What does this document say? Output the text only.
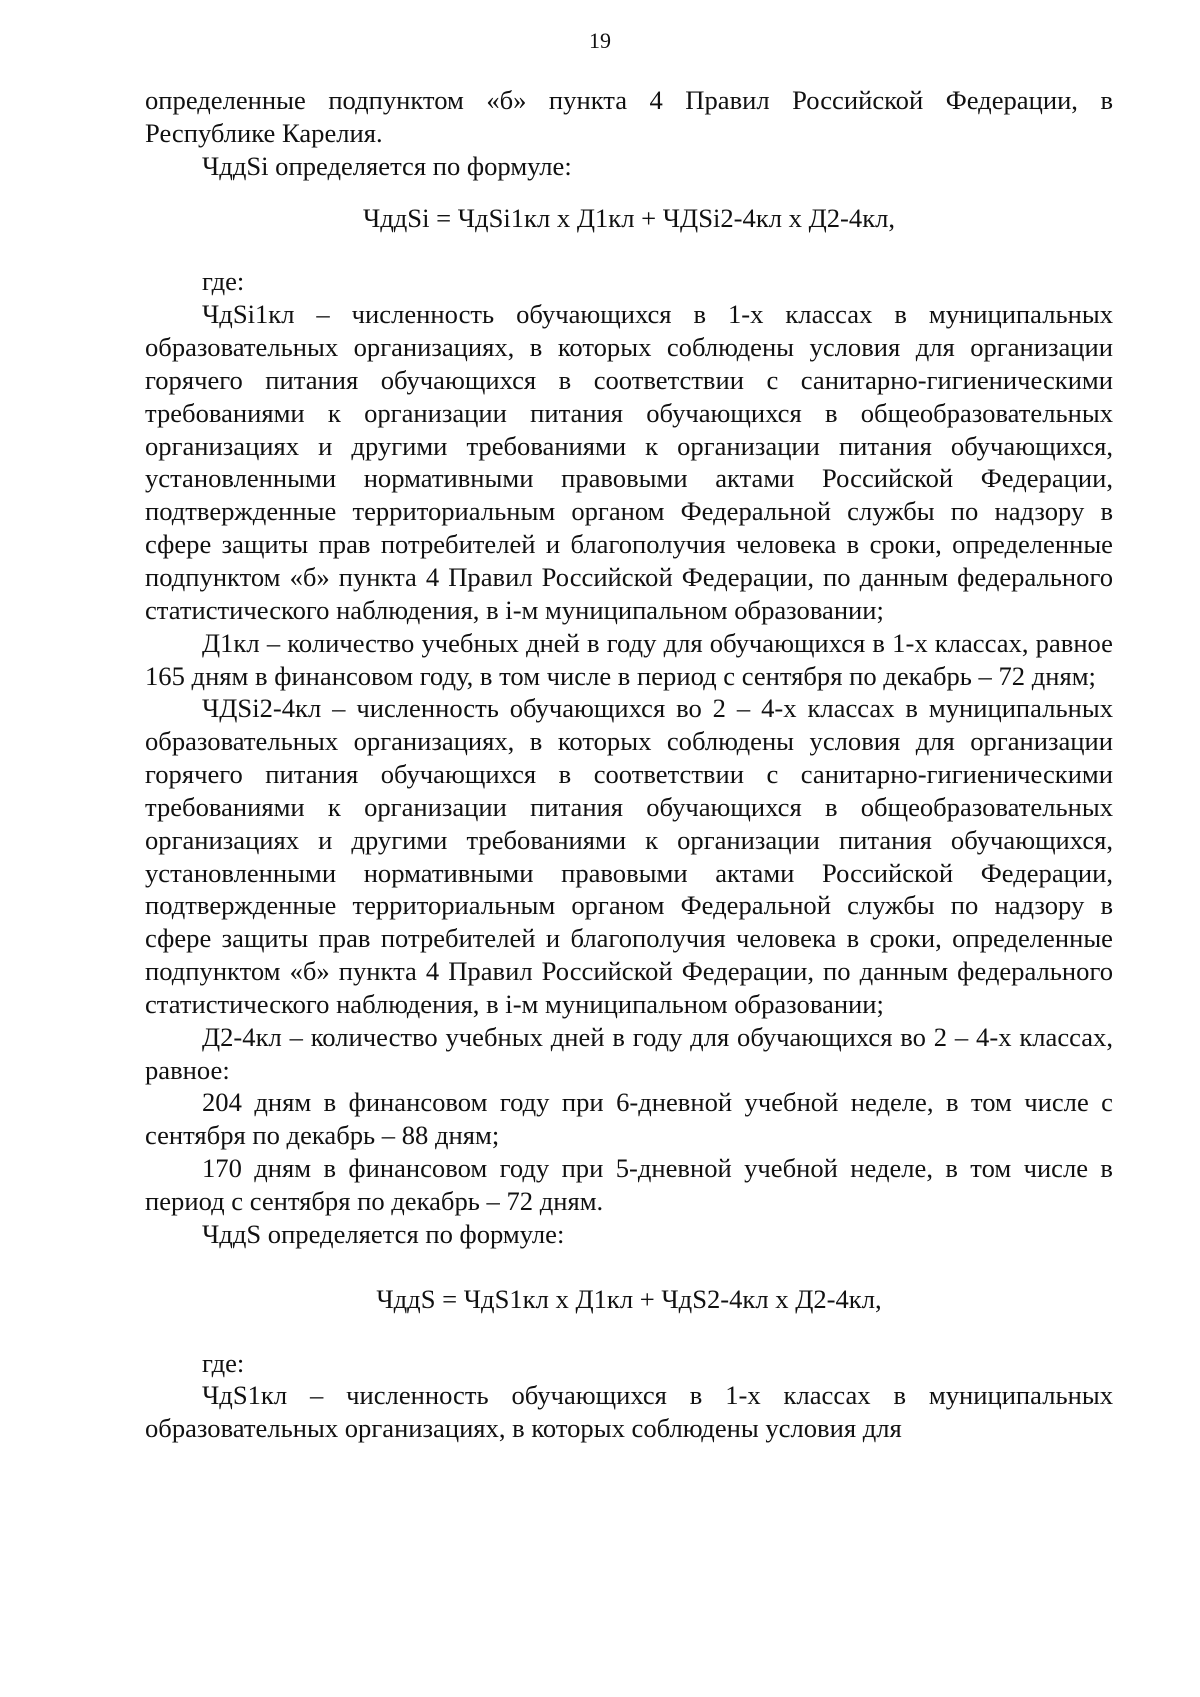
19

определенные подпунктом «б» пункта 4 Правил Российской Федерации, в Республике Карелия.

ЧддSi определяется по формуле:

ЧддSi = ЧдSi1кл х Д1кл + ЧДSi2-4кл х Д2-4кл,

где:

ЧдSi1кл – численность обучающихся в 1-х классах в муниципальных образовательных организациях, в которых соблюдены условия для организации горячего питания обучающихся в соответствии с санитарно-гигиеническими требованиями к организации питания обучающихся в общеобразовательных организациях и другими требованиями к организации питания обучающихся, установленными нормативными правовыми актами Российской Федерации, подтвержденные территориальным органом Федеральной службы по надзору в сфере защиты прав потребителей и благополучия человека в сроки, определенные подпунктом «б» пункта 4 Правил Российской Федерации, по данным федерального статистического наблюдения, в i-м муниципальном образовании;

Д1кл – количество учебных дней в году для обучающихся в 1-х классах, равное 165 дням в финансовом году, в том числе в период с сентября по декабрь – 72 дням;

ЧДSi2-4кл – численность обучающихся во 2 – 4-х классах в муниципальных образовательных организациях, в которых соблюдены условия для организации горячего питания обучающихся в соответствии с санитарно-гигиеническими требованиями к организации питания обучающихся в общеобразовательных организациях и другими требованиями к организации питания обучающихся, установленными нормативными правовыми актами Российской Федерации, подтвержденные территориальным органом Федеральной службы по надзору в сфере защиты прав потребителей и благополучия человека в сроки, определенные подпунктом «б» пункта 4 Правил Российской Федерации, по данным федерального статистического наблюдения, в i-м муниципальном образовании;

Д2-4кл – количество учебных дней в году для обучающихся во 2 – 4-х классах, равное:

204 дням в финансовом году при 6-дневной учебной неделе, в том числе с сентября по декабрь – 88 дням;

170 дням в финансовом году при 5-дневной учебной неделе, в том числе в период с сентября по декабрь – 72 дням.

ЧддS определяется по формуле:

ЧддS = ЧдS1кл х Д1кл + ЧдS2-4кл х Д2-4кл,

где:

ЧдS1кл – численность обучающихся в 1-х классах в муниципальных образовательных организациях, в которых соблюдены условия для
